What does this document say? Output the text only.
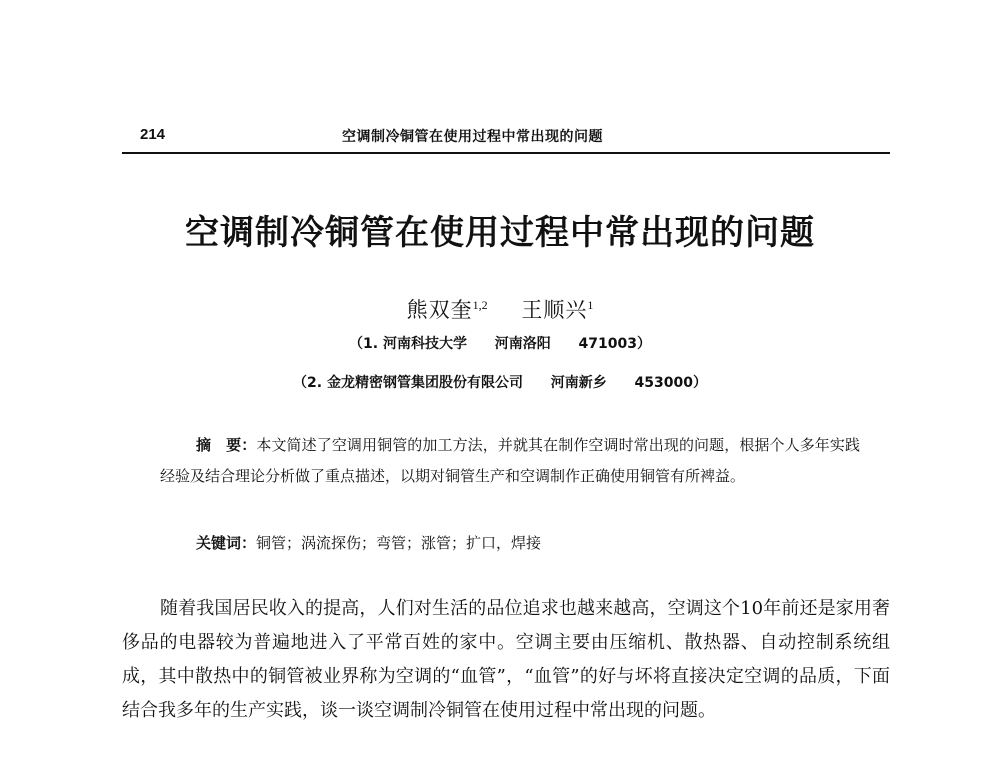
214	空调制冷铜管在使用过程中常出现的问题
空调制冷铜管在使用过程中常出现的问题
熊双奎$^{1,2}$ 王顺兴$^1$
（1. 河南科技大学 河南洛阳 471003）
（2. 金龙精密钢管集团股份有限公司 河南新乡 453000）
摘　要：本文简述了空调用铜管的加工方法，并就其在制作空调时常出现的问题，根据个人多年实践经验及结合理论分析做了重点描述，以期对铜管生产和空调制作正确使用铜管有所裨益。
关键词：铜管；涡流探伤；弯管；涨管；扩口，焊接

随着我国居民收入的提高，人们对生活的品位追求也越来越高，空调这个10年前还是家用奢侈品的电器较为普遍地进入了平常百姓的家中。空调主要由压缩机、散热器、自动控制系统组成，其中散热中的铜管被业界称为空调的“血管”，“血管”的好与坏将直接决定空调的品质，下面结合我多年的生产实践，谈一谈空调制冷铜管在使用过程中常出现的问题。
